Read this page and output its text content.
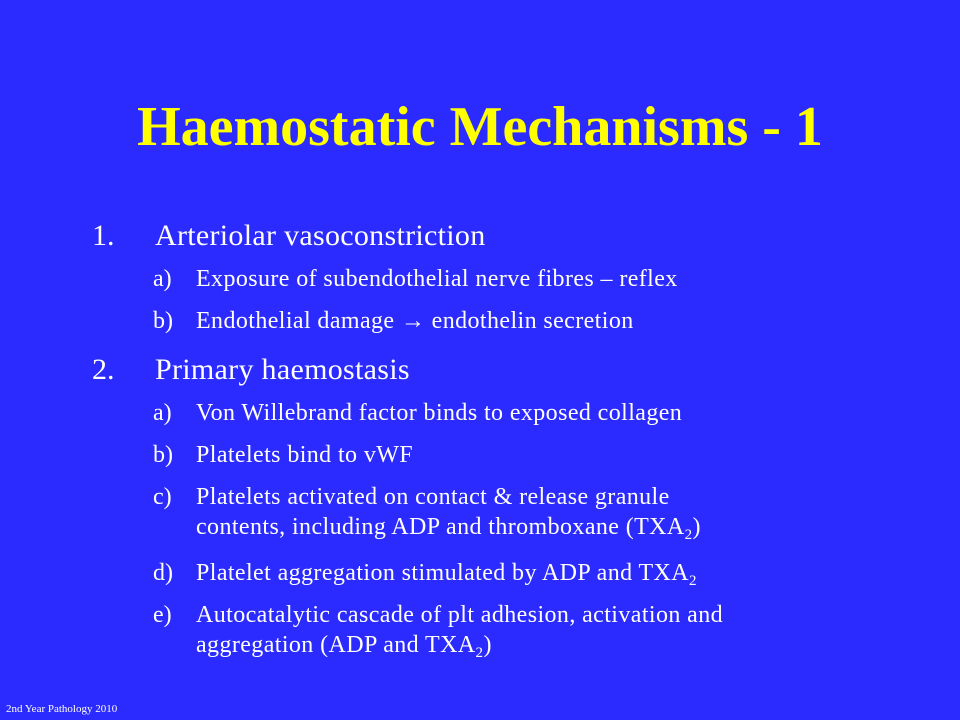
Haemostatic Mechanisms - 1
1. Arteriolar vasoconstriction
a) Exposure of subendothelial nerve fibres – reflex
b) Endothelial damage → endothelin secretion
2. Primary haemostasis
a) Von Willebrand factor binds to exposed collagen
b) Platelets bind to vWF
c) Platelets activated on contact & release granule
contents, including ADP and thromboxane $(TXA_2)$
d) Platelet aggregation stimulated by ADP and $TXA_2$
e) Autocatalytic cascade of plt adhesion, activation and
aggregation (ADP and $TXA_2$)
2nd Year Pathology 2010
